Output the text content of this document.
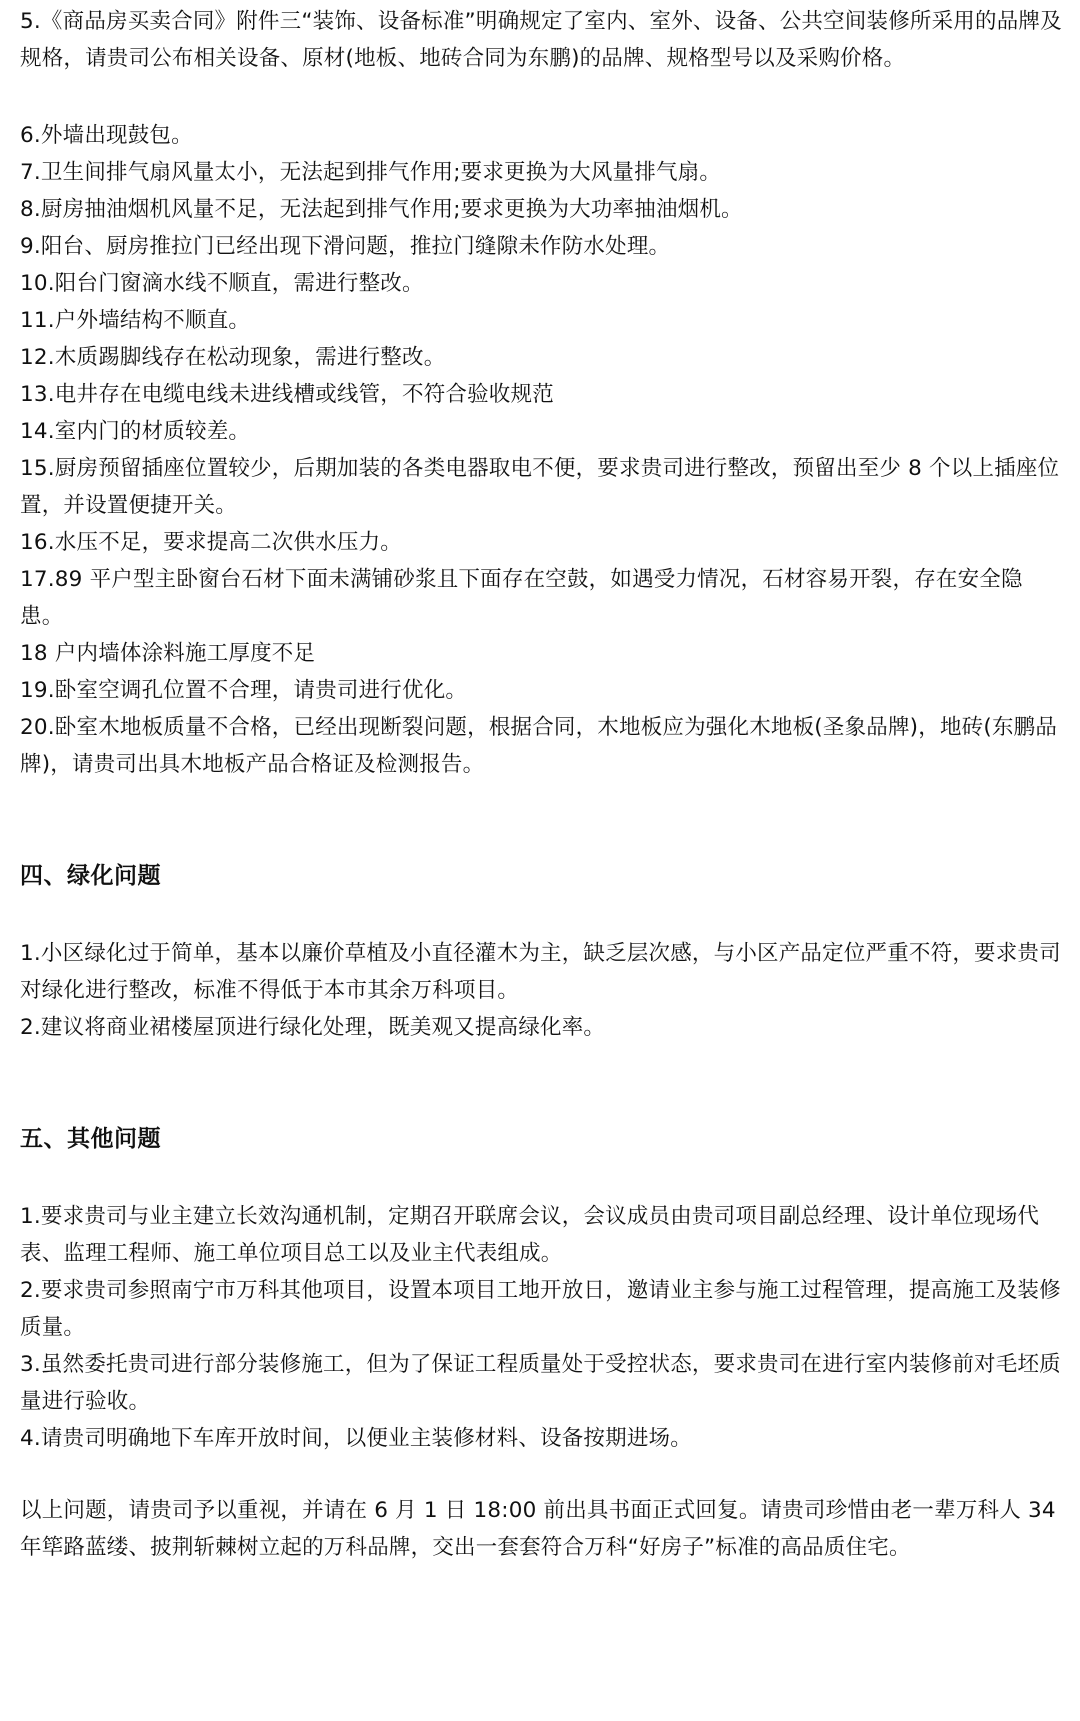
5.《商品房买卖合同》附件三“装饰、设备标准”明确规定了室内、室外、设备、公共空间装修所采用的品牌及规格，请贵司公布相关设备、原材(地板、地砖合同为东鹏)的品牌、规格型号以及采购价格。

6.外墙出现鼓包。

7.卫生间排气扇风量太小，无法起到排气作用;要求更换为大风量排气扇。

8.厨房抽油烟机风量不足，无法起到排气作用;要求更换为大功率抽油烟机。

9.阳台、厨房推拉门已经出现下滑问题，推拉门缝隙未作防水处理。

10.阳台门窗滴水线不顺直，需进行整改。

11.户外墙结构不顺直。

12.木质踢脚线存在松动现象，需进行整改。

13.电井存在电缆电线未进线槽或线管，不符合验收规范

14.室内门的材质较差。

15.厨房预留插座位置较少，后期加装的各类电器取电不便，要求贵司进行整改，预留出至少 8 个以上插座位置，并设置便捷开关。

16.水压不足，要求提高二次供水压力。

17.89 平户型主卧窗台石材下面未满铺砂浆且下面存在空鼓，如遇受力情况，石材容易开裂，存在安全隐患。

18 户内墙体涂料施工厚度不足

19.卧室空调孔位置不合理，请贵司进行优化。

20.卧室木地板质量不合格，已经出现断裂问题，根据合同，木地板应为强化木地板(圣象品牌)，地砖(东鹏品牌)，请贵司出具木地板产品合格证及检测报告。

四、绿化问题

1.小区绿化过于简单，基本以廉价草植及小直径灌木为主，缺乏层次感，与小区产品定位严重不符，要求贵司对绿化进行整改，标准不得低于本市其余万科项目。

2.建议将商业裙楼屋顶进行绿化处理，既美观又提高绿化率。

五、其他问题

1.要求贵司与业主建立长效沟通机制，定期召开联席会议，会议成员由贵司项目副总经理、设计单位现场代表、监理工程师、施工单位项目总工以及业主代表组成。

2.要求贵司参照南宁市万科其他项目，设置本项目工地开放日，邀请业主参与施工过程管理，提高施工及装修质量。

3.虽然委托贵司进行部分装修施工，但为了保证工程质量处于受控状态，要求贵司在进行室内装修前对毛坯质量进行验收。

4.请贵司明确地下车库开放时间，以便业主装修材料、设备按期进场。

以上问题，请贵司予以重视，并请在 6 月 1 日 18:00 前出具书面正式回复。请贵司珍惜由老一辈万科人 34 年筚路蓝缕、披荆斩棘树立起的万科品牌，交出一套套符合万科“好房子”标准的高品质住宅。
